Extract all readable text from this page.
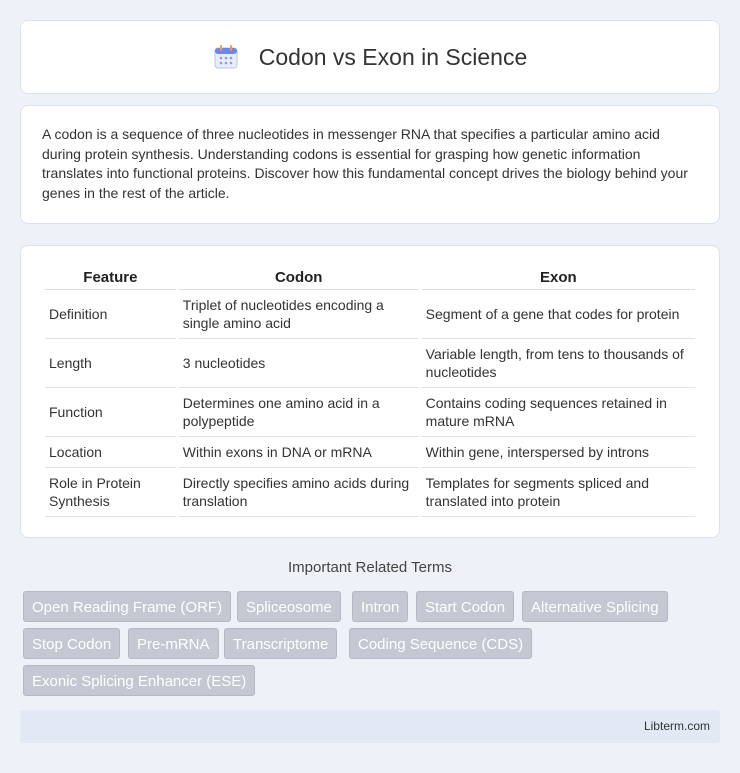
Codon vs Exon in Science

A codon is a sequence of three nucleotides in messenger RNA that specifies a particular amino acid during protein synthesis. Understanding codons is essential for grasping how genetic information translates into functional proteins. Discover how this fundamental concept drives the biology behind your genes in the rest of the article.

Feature	Codon	Exon
Definition	Triplet of nucleotides encoding a single amino acid	Segment of a gene that codes for protein
Length	3 nucleotides	Variable length, from tens to thousands of nucleotides
Function	Determines one amino acid in a polypeptide	Contains coding sequences retained in mature mRNA
Location	Within exons in DNA or mRNA	Within gene, interspersed by introns
Role in Protein Synthesis	Directly specifies amino acids during translation	Templates for segments spliced and translated into protein
Important Related Terms
Open Reading Frame (ORF)	Spliceosome	Intron	Start Codon	Alternative Splicing
Stop Codon	Pre-mRNA	Transcriptome	Coding Sequence (CDS)
Exonic Splicing Enhancer (ESE)
Libterm.com
